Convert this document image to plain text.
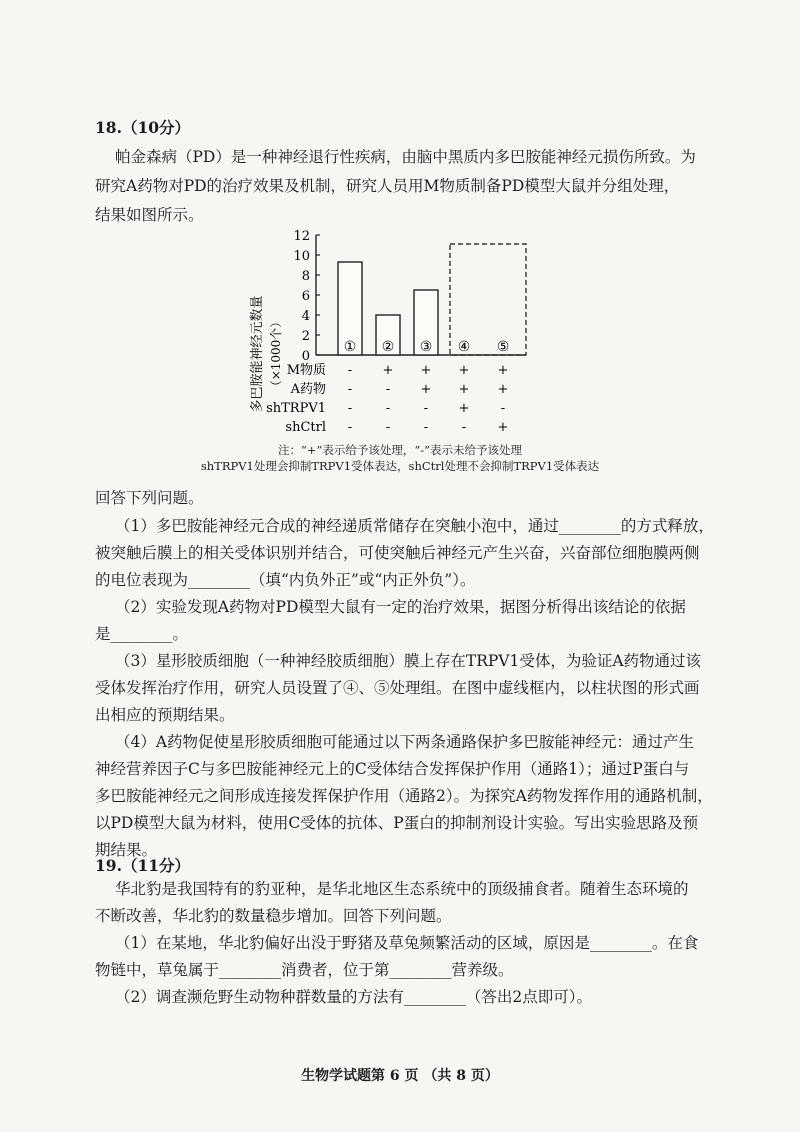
18.（10分）
帕金森病（PD）是一种神经退行性疾病，由脑中黑质内多巴胺能神经元损伤所致。为
研究A药物对PD的治疗效果及机制，研究人员用M物质制备PD模型大鼠并分组处理，
结果如图所示。
多巴胺能神经元数量 （×1000个） 0
2
4
6
8
10
12
① ② ③ ④ ⑤
M物质 - + + + +
A药物 -	- + + +
shTRPV1 -	-	- + -
shCtrl -	-	-	- +
注：“+”表示给予该处理，“-”表示未给予该处理
shTRPV1处理会抑制TRPV1受体表达，shCtrl处理不会抑制TRPV1受体表达
回答下列问题。
（1）多巴胺能神经元合成的神经递质常储存在突触小泡中，通过________的方式释放，
被突触后膜上的相关受体识别并结合，可使突触后神经元产生兴奋，兴奋部位细胞膜两侧
的电位表现为________（填“内负外正”或“内正外负”）。
（2）实验发现A药物对PD模型大鼠有一定的治疗效果，据图分析得出该结论的依据
是________。
（3）星形胶质细胞（一种神经胶质细胞）膜上存在TRPV1受体，为验证A药物通过该
受体发挥治疗作用，研究人员设置了④、⑤处理组。在图中虚线框内，以柱状图的形式画
出相应的预期结果。
（4）A药物促使星形胶质细胞可能通过以下两条通路保护多巴胺能神经元：通过产生
神经营养因子C与多巴胺能神经元上的C受体结合发挥保护作用（通路1）；通过P蛋白与
多巴胺能神经元之间形成连接发挥保护作用（通路2）。为探究A药物发挥作用的通路机制，
以PD模型大鼠为材料，使用C受体的抗体、P蛋白的抑制剂设计实验。写出实验思路及预
期结果。
19.（11分）
华北豹是我国特有的豹亚种，是华北地区生态系统中的顶级捕食者。随着生态环境的
不断改善，华北豹的数量稳步增加。回答下列问题。
（1）在某地，华北豹偏好出没于野猪及草兔频繁活动的区域，原因是________。在食
物链中，草兔属于________消费者，位于第________营养级。
（2）调查濒危野生动物种群数量的方法有________（答出2点即可）。
生物学试题第 6 页 （共 8 页）
